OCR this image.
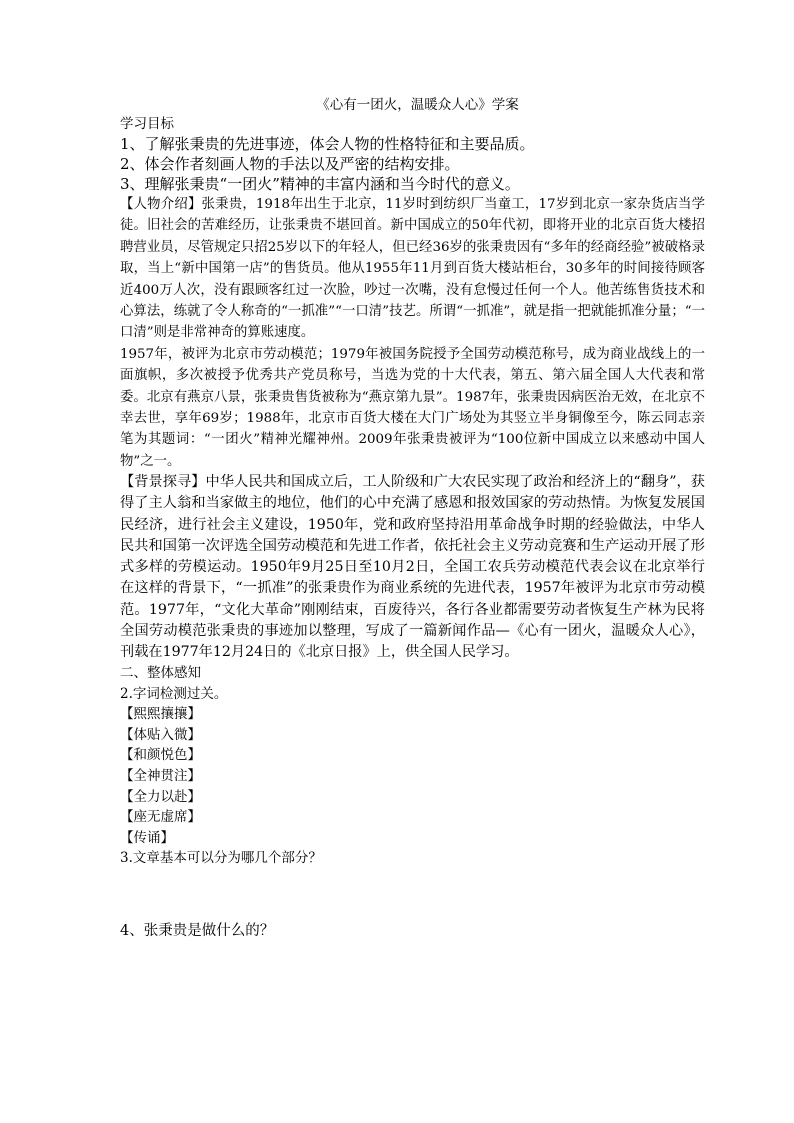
《心有一团火，温暖众人心》学案

学习目标

1、了解张秉贵的先进事迹，体会人物的性格特征和主要品质。

2、体会作者刻画人物的手法以及严密的结构安排。

3、理解张秉贵“一团火”精神的丰富内涵和当今时代的意义。

【人物介绍】张秉贵，1918年出生于北京，11岁时到纺织厂当童工，17岁到北京一家杂货店当学徒。旧社会的苦难经历，让张秉贵不堪回首。新中国成立的50年代初，即将开业的北京百货大楼招聘营业员，尽管规定只招25岁以下的年轻人，但已经36岁的张秉贵因有“多年的经商经验”被破格录取，当上“新中国第一店”的售货员。他从1955年11月到百货大楼站柜台，30多年的时间接待顾客近400万人次，没有跟顾客红过一次脸，吵过一次嘴，没有怠慢过任何一个人。他苦练售货技术和心算法，练就了令人称奇的“一抓准”“一口清”技艺。所谓“一抓准”，就是指一把就能抓准分量；“一口清”则是非常神奇的算账速度。

1957年，被评为北京市劳动模范；1979年被国务院授予全国劳动模范称号，成为商业战线上的一面旗帜，多次被授予优秀共产党员称号，当选为党的十大代表，第五、第六届全国人大代表和常委。北京有燕京八景，张秉贵售货被称为“燕京第九景”。1987年，张秉贵因病医治无效，在北京不幸去世，享年69岁；1988年，北京市百货大楼在大门广场处为其竖立半身铜像至今，陈云同志亲笔为其题词：“一团火”精神光耀神州。2009年张秉贵被评为“100位新中国成立以来感动中国人物”之一。

【背景探寻】中华人民共和国成立后，工人阶级和广大农民实现了政治和经济上的“翻身”，获得了主人翁和当家做主的地位，他们的心中充满了感恩和报效国家的劳动热情。为恢复发展国民经济，进行社会主义建设，1950年，党和政府坚持沿用革命战争时期的经验做法，中华人民共和国第一次评选全国劳动模范和先进工作者，依托社会主义劳动竞赛和生产运动开展了形式多样的劳模运动。1950年9月25日至10月2日，全国工农兵劳动模范代表会议在北京举行在这样的背景下，“一抓准”的张秉贵作为商业系统的先进代表，1957年被评为北京市劳动模范。1977年，“文化大革命”刚刚结束，百废待兴，各行各业都需要劳动者恢复生产林为民将全国劳动模范张秉贵的事迹加以整理，写成了一篇新闻作品—《心有一团火，温暖众人心》，刊载在1977年12月24日的《北京日报》上，供全国人民学习。

二、整体感知

2.字词检测过关。

【熙熙攘攘】

【体贴入微】

【和颜悦色】

【全神贯注】

【全力以赴】

【座无虚席】

【传诵】

3.文章基本可以分为哪几个部分？

4、张秉贵是做什么的？
